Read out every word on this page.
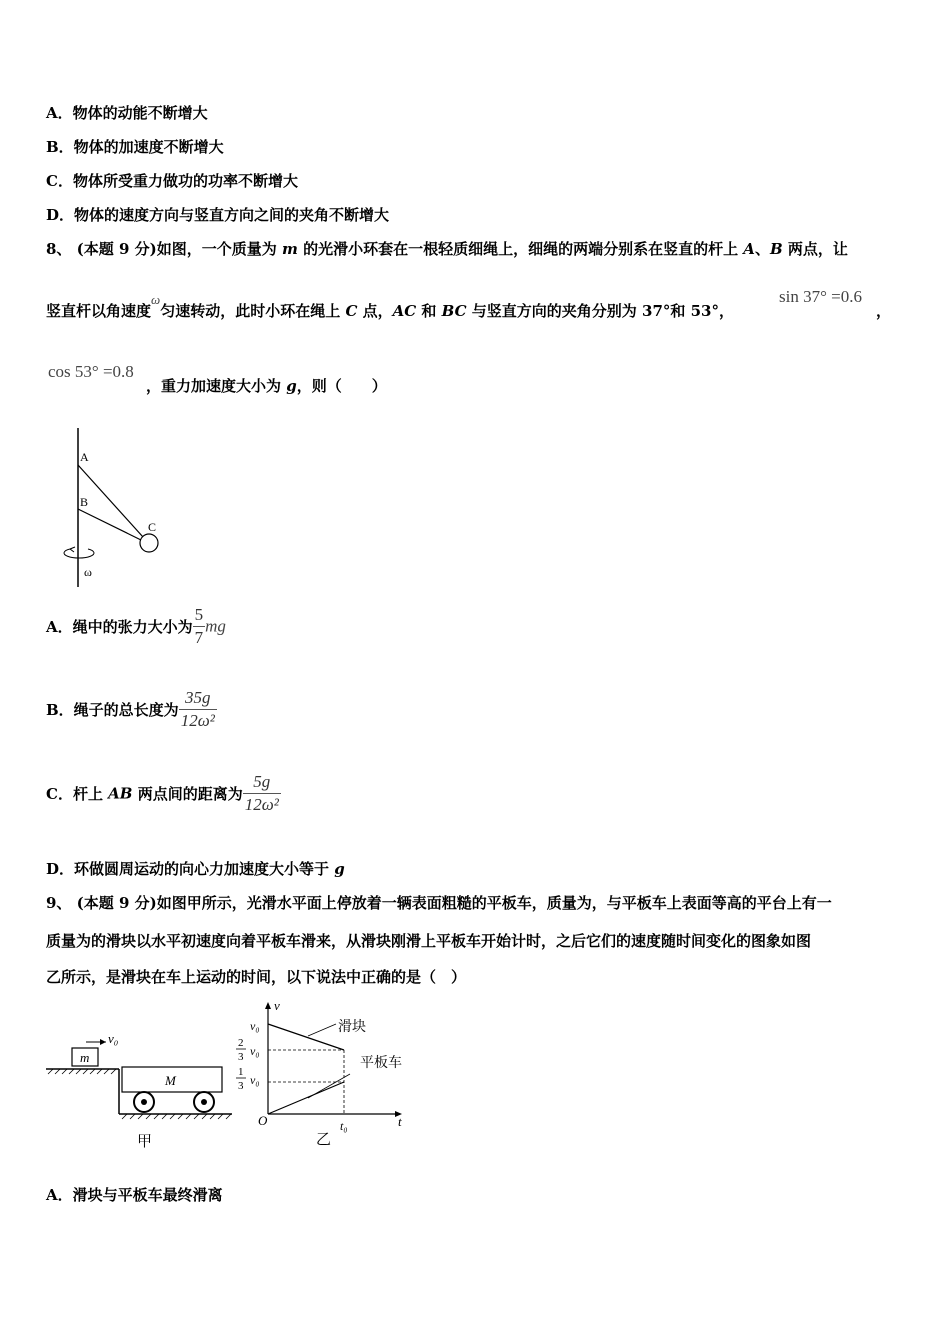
A．物体的动能不断增大
B．物体的加速度不断增大
C．物体所受重力做功的功率不断增大
D．物体的速度方向与竖直方向之间的夹角不断增大
8、 (本题 9 分)如图，一个质量为 m 的光滑小环套在一根轻质细绳上，细绳的两端分别系在竖直的杆上 A、B 两点，让
竖直杆以角速度ω匀速转动，此时小环在绳上 C 点，AC 和 BC 与竖直方向的夹角分别为 37°和 53°，
sin 37° =0.6
，
cos 53° =0.8
，重力加速度大小为 g，则（　　）
A
B
C
ω
A．绳中的张力大小为 $\frac{5}{7}$ mg
B．绳子的总长度为 $\frac{35g}{\text{12ω²}}$
C．杆上 AB 两点间的距离为 $\frac{5g}{\text{12ω²}}$
D．环做圆周运动的向心力加速度大小等于 g
9、 (本题 9 分)如图甲所示，光滑水平面上停放着一辆表面粗糙的平板车，质量为，与平板车上表面等高的平台上有一
质量为的滑块以水平初速度向着平板车滑来，从滑块刚滑上平板车开始计时，之后它们的速度随时间变化的图象如图
乙所示，是滑块在车上运动的时间，以下说法中正确的是（　）
m
v₀
M
甲
v
t
O
v₀
2
3 v₀
1
3 v₀
滑块
平板车
t₀
乙
A．滑块与平板车最终滑离
